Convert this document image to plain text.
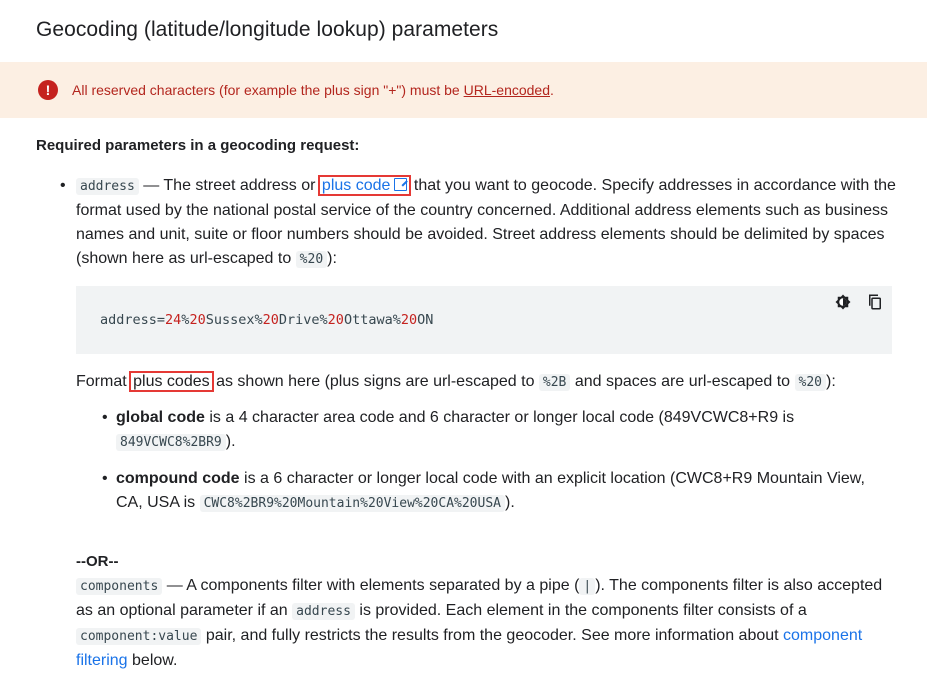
Geocoding (latitude/longitude lookup) parameters
!	All reserved characters (for example the plus sign "+") must be URL-encoded.
Required parameters in a geocoding request:
•	address — The street address or plus code that you want to geocode. Specify addresses in accordance with the format used by the national postal service of the country concerned. Additional address elements such as business names and unit, suite or floor numbers should be avoided. Street address elements should be delimited by spaces (shown here as url-escaped to %20 ):
address=24%20Sussex%20Drive%20Ottawa%20ON
Format plus codes as shown here (plus signs are url-escaped to %2B and spaces are url-escaped to %20 ):
• global code is a 4 character area code and 6 character or longer local code (849VCWC8+R9 is 849VCWC8%2BR9 ).
• compound code is a 6 character or longer local code with an explicit location (CWC8+R9 Mountain View, CA, USA is CWC8%2BR9%20Mountain%20View%20CA%20USA ).

--OR--

components — A components filter with elements separated by a pipe ( | ). The components filter is also accepted as an optional parameter if an address is provided. Each element in the components filter consists of a component:value pair, and fully restricts the results from the geocoder. See more information about component filtering below.
